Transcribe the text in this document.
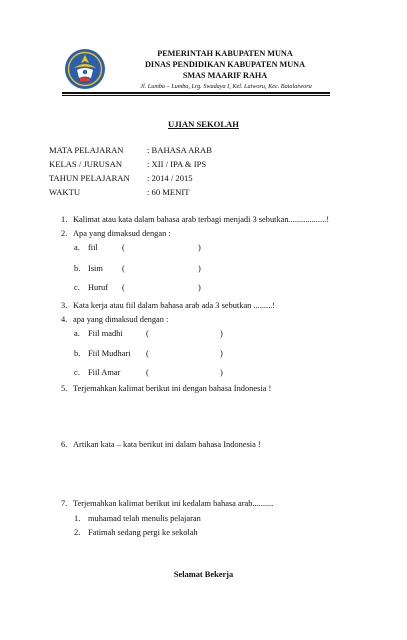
PEMERINTAH KABUPATEN MUNA
DINAS PENDIDIKAN KABUPATEN MUNA
SMAS MAARIF RAHA
Jl. Lumba – Lumba, Lrg. Swadaya I, Kel. Laiworu, Kec. Batalaiworu
UJIAN SEKOLAH
MATA PELAJARAN	: BAHASA ARAB
KELAS / JURUSAN	: XII / IPA & IPS
TAHUN PELAJARAN : 2014 / 2015
WAKTU	: 60 MENIT
1. Kalimat atau kata dalam bahasa arab terbagi menjadi 3 sebutkan..................!
2. Apa yang dimaksud dengan :
a. fiil	(	)
b. Isim (	)
c. Huruf (	)
3. Kata kerja atau fiil dalam bahasa arab ada 3 sebutkan .........!
4. apa yang dimaksud dengan :
a. Fiil madhi	(	)
b. Fiil Mudhari (	)
c. Fiil Amar	(	)
5. Terjemahkan kalimat berikut ini dengan bahasa Indonesia !
6. Artikan kata – kata berikut ini dalam bahasa Indonesia !
7. Terjemahkan kalimat berikut ini kedalam bahasa arab..........
1. muhamad telah menulis pelajaran
2. Fatimah sedang pergi ke sekolah
Selamat Bekerja
